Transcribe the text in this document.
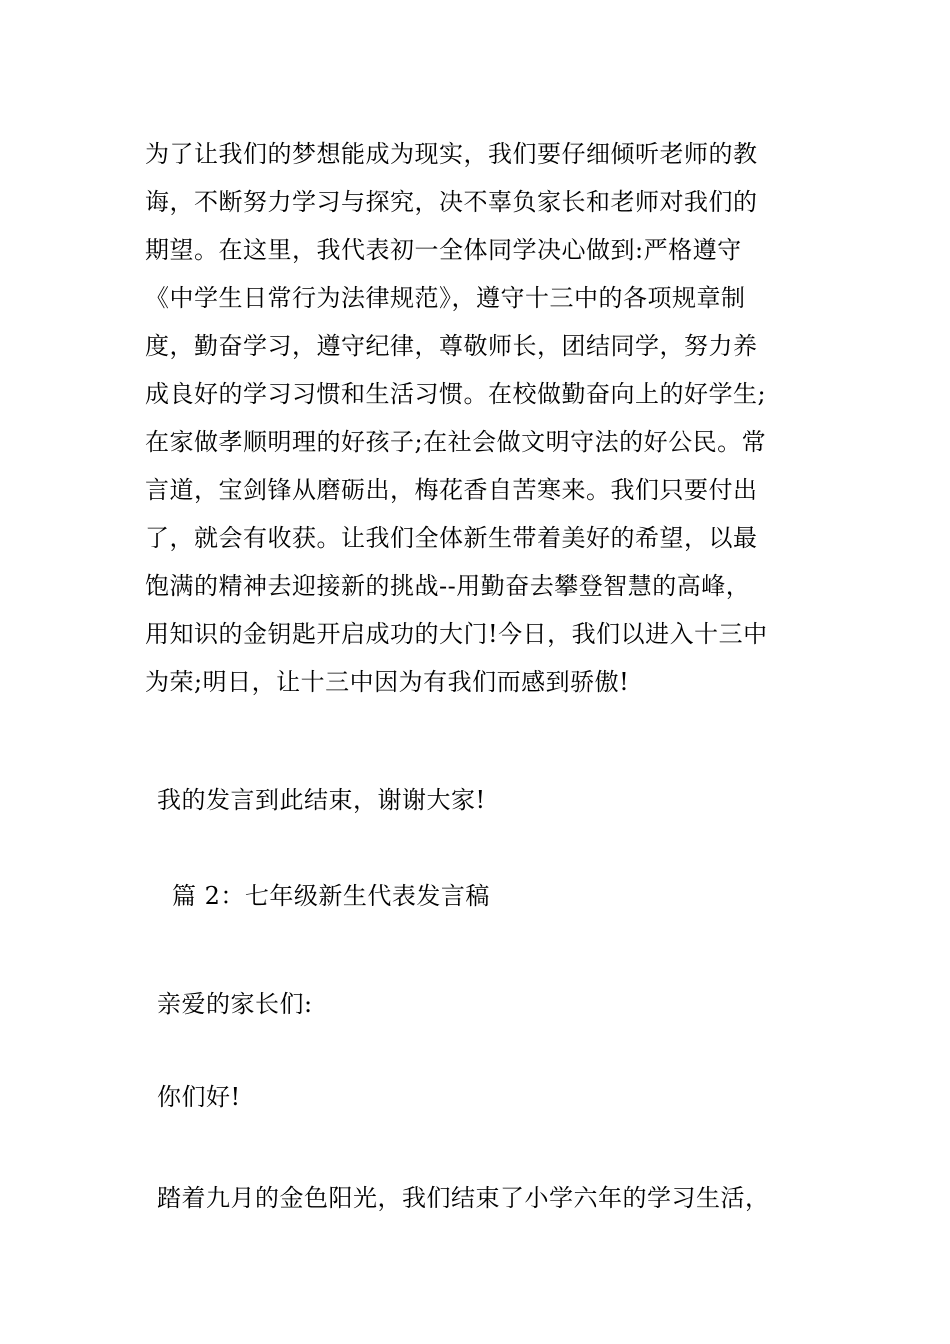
为了让我们的梦想能成为现实，我们要仔细倾听老师的教
诲，不断努力学习与探究，决不辜负家长和老师对我们的
期望。在这里，我代表初一全体同学决心做到:严格遵守
《中学生日常行为法律规范》，遵守十三中的各项规章制
度，勤奋学习，遵守纪律，尊敬师长，团结同学，努力养
成良好的学习习惯和生活习惯。在校做勤奋向上的好学生;
在家做孝顺明理的好孩子;在社会做文明守法的好公民。常
言道，宝剑锋从磨砺出，梅花香自苦寒来。我们只要付出
了，就会有收获。让我们全体新生带着美好的希望，以最
饱满的精神去迎接新的挑战--用勤奋去攀登智慧的高峰，
用知识的金钥匙开启成功的大门!今日，我们以进入十三中
为荣;明日，让十三中因为有我们而感到骄傲!
我的发言到此结束，谢谢大家!
篇 2：七年级新生代表发言稿
亲爱的家长们:
你们好!
踏着九月的金色阳光，我们结束了小学六年的学习生活，
